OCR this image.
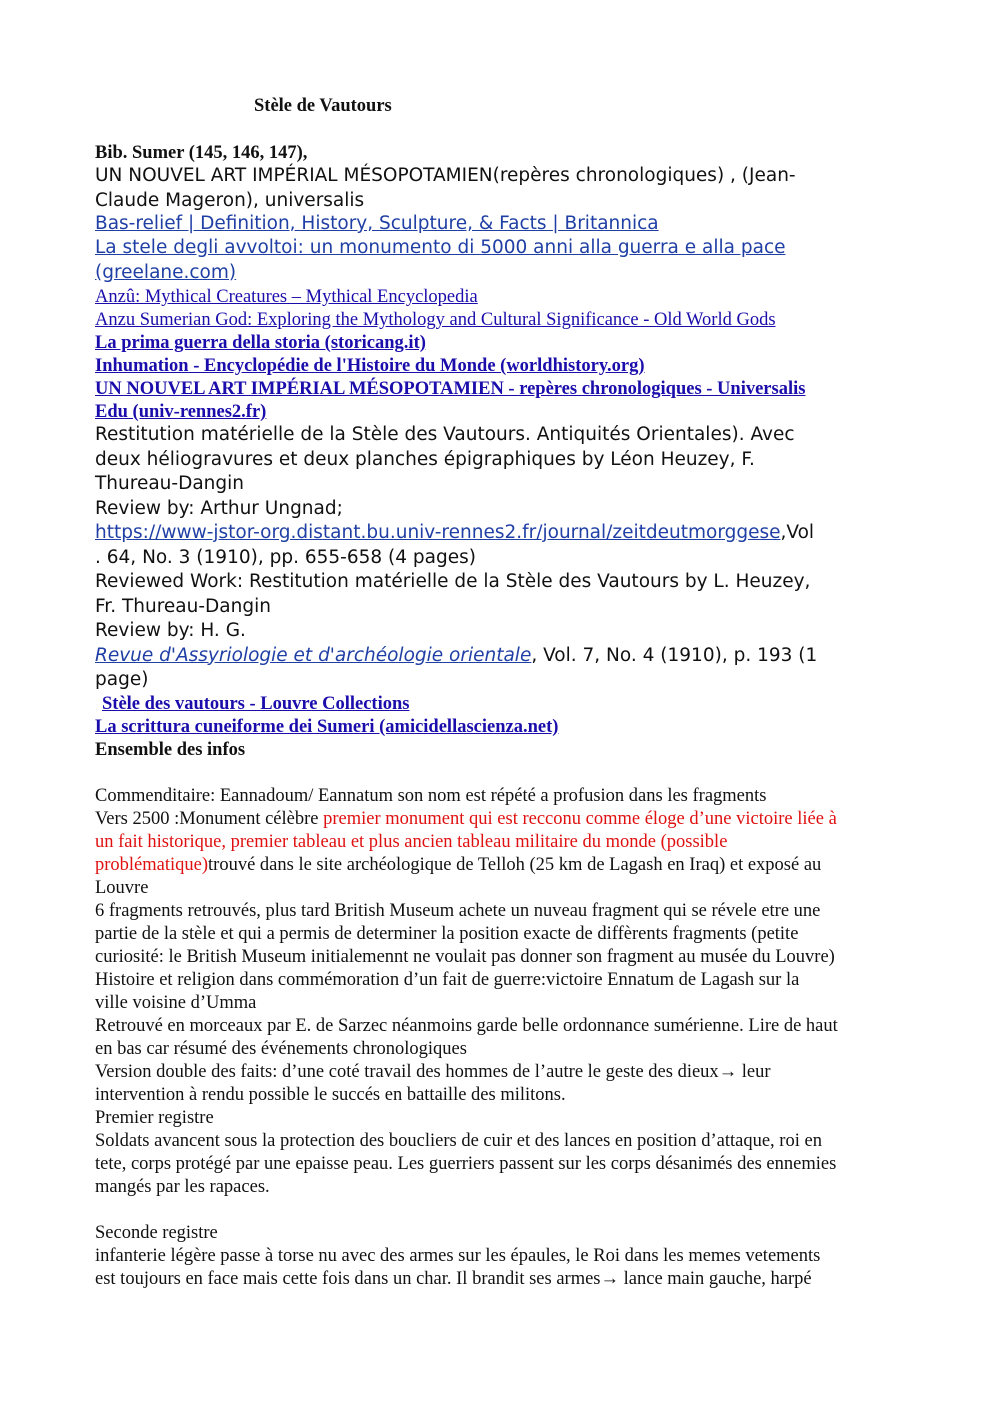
Stèle de Vautours
Bib. Sumer (145, 146, 147),
UN NOUVEL ART IMPÉRIAL MÉSOPOTAMIEN(repères chronologiques) , (Jean-
Claude Mageron), universalis
Bas-relief | Definition, History, Sculpture, & Facts | Britannica
La stele degli avvoltoi: un monumento di 5000 anni alla guerra e alla pace
(greelane.com)
Anzû: Mythical Creatures – Mythical Encyclopedia
Anzu Sumerian God: Exploring the Mythology and Cultural Significance - Old World Gods
La prima guerra della storia (storicang.it)
Inhumation - Encyclopédie de l'Histoire du Monde (worldhistory.org)
UN NOUVEL ART IMPÉRIAL MÉSOPOTAMIEN - repères chronologiques - Universalis
Edu (univ-rennes2.fr)
Restitution matérielle de la Stèle des Vautours. Antiquités Orientales). Avec
deux héliogravures et deux planches épigraphiques by Léon Heuzey, F.
Thureau-Dangin
Review by: Arthur Ungnad;
https://www-jstor-org.distant.bu.univ-rennes2.fr/journal/zeitdeutmorggese,Vol
. 64, No. 3 (1910), pp. 655-658 (4 pages)
Reviewed Work: Restitution matérielle de la Stèle des Vautours by L. Heuzey,
Fr. Thureau-Dangin
Review by: H. G.
Revue d'Assyriologie et d'archéologie orientale, Vol. 7, No. 4 (1910), p. 193 (1
page)
Stèle des vautours - Louvre Collections
La scrittura cuneiforme dei Sumeri (amicidellascienza.net)
Ensemble des infos
Commenditaire: Eannadoum/ Eannatum son nom est répété a profusion dans les fragments
Vers 2500 :Monument célèbre premier monument qui est recconu comme éloge d’une victoire liée à
un fait historique, premier tableau et plus ancien tableau militaire du monde (possible
problématique)trouvé dans le site archéologique de Telloh (25 km de Lagash en Iraq) et exposé au
Louvre
6 fragments retrouvés, plus tard British Museum achete un nuveau fragment qui se révele etre une
partie de la stèle et qui a permis de determiner la position exacte de diffèrents fragments (petite
curiosité: le British Museum initialemennt ne voulait pas donner son fragment au musée du Louvre)
Histoire et religion dans commémoration d’un fait de guerre:victoire Ennatum de Lagash sur la
ville voisine d’Umma
Retrouvé en morceaux par E. de Sarzec néanmoins garde belle ordonnance sumérienne. Lire de haut
en bas car résumé des événements chronologiques
Version double des faits: d’une coté travail des hommes de l’autre le geste des dieux→ leur
intervention à rendu possible le succés en battaille des militons.
Premier registre
Soldats avancent sous la protection des boucliers de cuir et des lances en position d’attaque, roi en
tete, corps protégé par une epaisse peau. Les guerriers passent sur les corps désanimés des ennemies
mangés par les rapaces.

Seconde registre
infanterie légère passe à torse nu avec des armes sur les épaules, le Roi dans les memes vetements
est toujours en face mais cette fois dans un char. Il brandit ses armes→ lance main gauche, harpé
